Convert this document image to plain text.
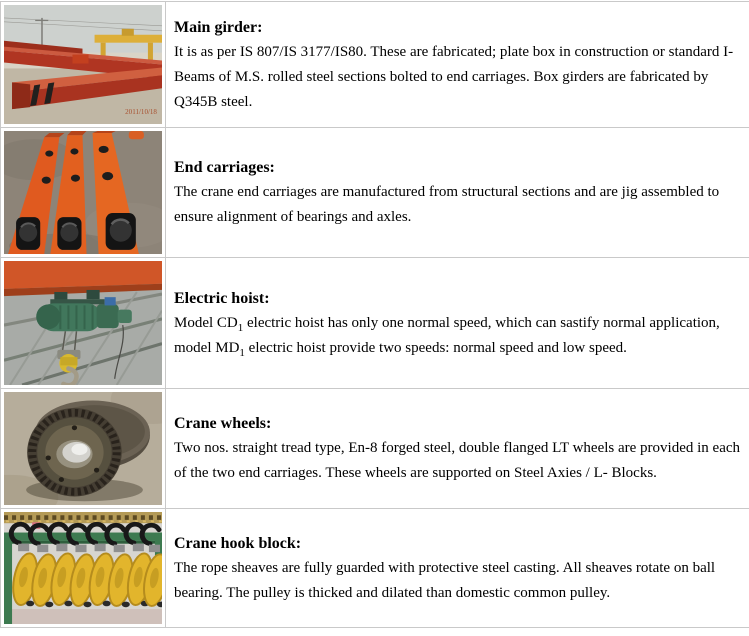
2011/10/18

Main girder:

It is as per IS 807/IS 3177/IS80. These are fabricated; plate box in construction or standard I-Beams of M.S. rolled steel sections bolted to end carriages. Box girders are fabricated by Q345B steel.

End carriages:

The crane end carriages are manufactured from structural sections and are jig assembled to ensure alignment of bearings and axles.

Electric hoist:

Model $CD_1$ electric hoist has only one normal speed, which can sastify normal application, model $MD_1$ electric hoist provide two speeds: normal speed and low speed.

Crane wheels:

Two nos. straight tread type, En-8 forged steel, double flanged LT wheels are provided in each of the two end carriages. These wheels are supported on Steel Axies / L- Blocks.

Crane hook block:

The rope sheaves are fully guarded with protective steel casting. All sheaves rotate on ball bearing. The pulley is thicked and dilated than domestic common pulley.
